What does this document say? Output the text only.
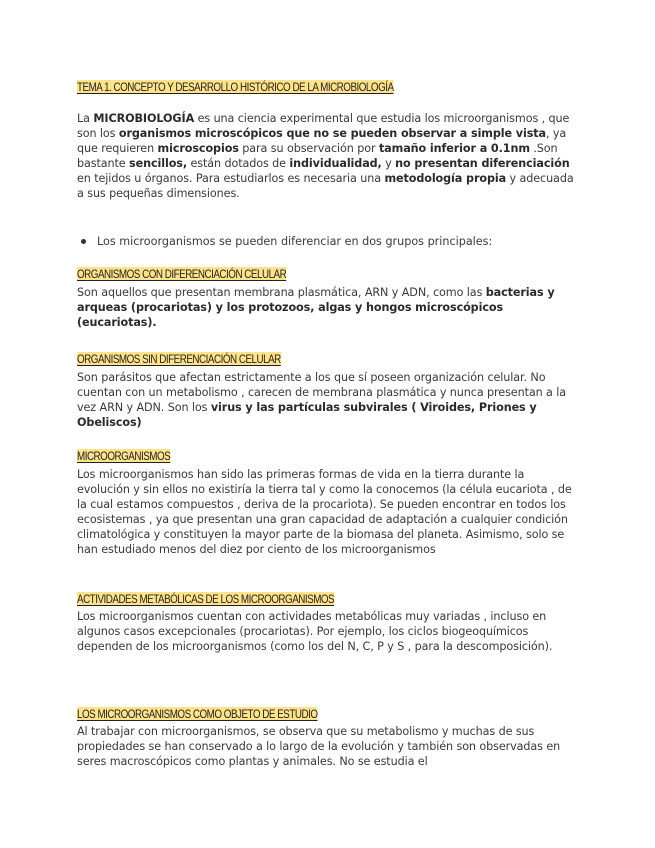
TEMA 1. CONCEPTO Y DESARROLLO HISTÓRICO DE LA MICROBIOLOGÍA
La MICROBIOLOGÍA es una ciencia experimental que estudia los microorganismos , que son los organismos microscópicos que no se pueden observar a simple vista, ya que requieren microscopios para su observación por tamaño inferior a 0.1nm .Son bastante sencillos, están dotados de individualidad, y no presentan diferenciación en tejidos u órganos. Para estudiarlos es necesaria una metodología propia y adecuada a sus pequeñas dimensiones.
Los microorganismos se pueden diferenciar en dos grupos principales:
ORGANISMOS CON DIFERENCIACIÓN CELULAR
Son aquellos que presentan membrana plasmática, ARN y ADN, como las bacterias y arqueas (procariotas) y los protozoos, algas y hongos microscópicos (eucariotas).
ORGANISMOS SIN DIFERENCIACIÓN CELULAR
Son parásitos que afectan estrictamente a los que sí poseen organización celular. No cuentan con un metabolismo , carecen de membrana plasmática y nunca presentan a la vez ARN y ADN. Son los virus y las partículas subvirales ( Viroides, Priones y Obeliscos)
MICROORGANISMOS
Los microorganismos han sido las primeras formas de vida en la tierra durante la evolución y sin ellos no existiría la tierra tal y como la conocemos (la célula eucariota , de la cual estamos compuestos , deriva de la procariota). Se pueden encontrar en todos los ecosistemas , ya que presentan una gran capacidad de adaptación a cualquier condición climatológica y constituyen la mayor parte de la biomasa del planeta. Asimismo, solo se han estudiado menos del diez por ciento de los microorganismos
ACTIVIDADES METABÓLICAS DE LOS MICROORGANISMOS
Los microorganismos cuentan con actividades metabólicas muy variadas , incluso en algunos casos excepcionales (procariotas). Por ejemplo, los ciclos biogeoquímicos dependen de los microorganismos (como los del N, C, P y S , para la descomposición).
LOS MICROORGANISMOS COMO OBJETO DE ESTUDIO
Al trabajar con microorganismos, se observa que su metabolismo y muchas de sus propiedades se han conservado a lo largo de la evolución y también son observadas en seres macroscópicos como plantas y animales. No se estudia el
